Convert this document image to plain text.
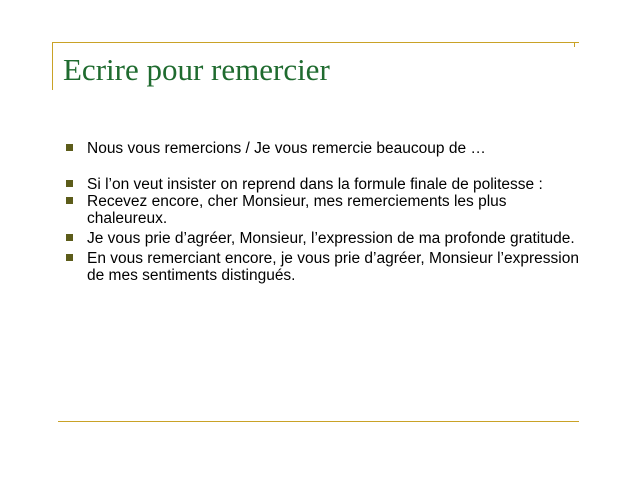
Ecrire pour remercier
Nous vous remercions / Je vous remercie beaucoup de …
Si l’on veut insister on reprend dans la formule finale de politesse :
Recevez encore, cher Monsieur, mes remerciements les plus chaleureux.
Je vous prie d’agréer, Monsieur, l’expression de ma profonde gratitude.
En vous remerciant encore, je vous prie d’agréer, Monsieur l’expression de mes sentiments distingués.
